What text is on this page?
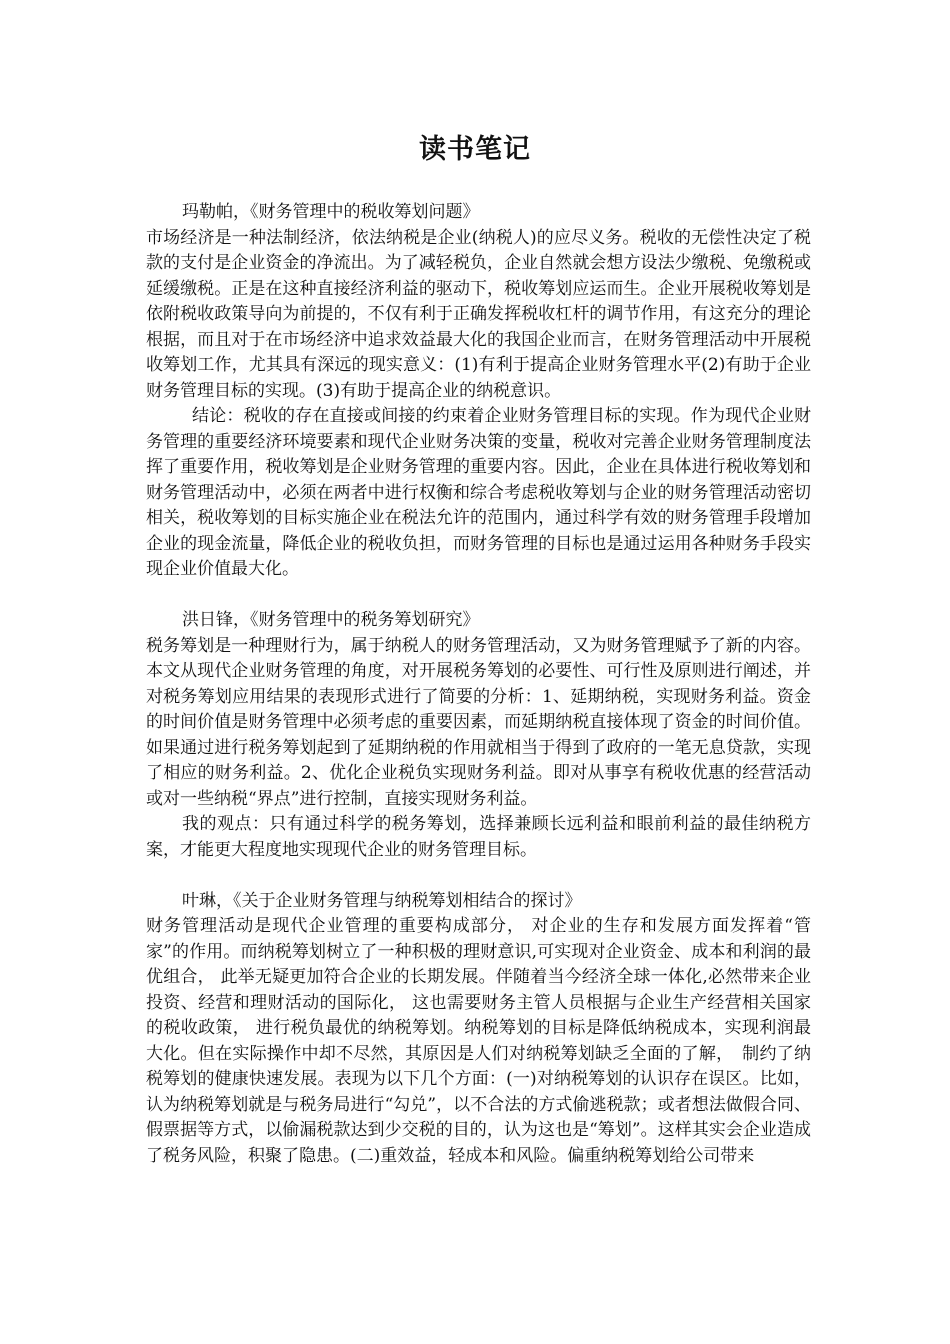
读书笔记

玛勒帕，《财务管理中的税收筹划问题》

市场经济是一种法制经济，依法纳税是企业(纳税人)的应尽义务。税收的无偿性决定了税款的支付是企业资金的净流出。为了减轻税负，企业自然就会想方设法少缴税、免缴税或延缓缴税。正是在这种直接经济利益的驱动下，税收筹划应运而生。企业开展税收筹划是依附税收政策导向为前提的，不仅有利于正确发挥税收杠杆的调节作用，有这充分的理论根据，而且对于在市场经济中追求效益最大化的我国企业而言，在财务管理活动中开展税收筹划工作，尤其具有深远的现实意义：(1)有利于提高企业财务管理水平(2)有助于企业财务管理目标的实现。(3)有助于提高企业的纳税意识。

结论：税收的存在直接或间接的约束着企业财务管理目标的实现。作为现代企业财务管理的重要经济环境要素和现代企业财务决策的变量，税收对完善企业财务管理制度法挥了重要作用，税收筹划是企业财务管理的重要内容。因此，企业在具体进行税收筹划和财务管理活动中，必须在两者中进行权衡和综合考虑税收筹划与企业的财务管理活动密切相关，税收筹划的目标实施企业在税法允许的范围内，通过科学有效的财务管理手段增加企业的现金流量，降低企业的税收负担，而财务管理的目标也是通过运用各种财务手段实现企业价值最大化。

洪日锋，《财务管理中的税务筹划研究》

税务筹划是一种理财行为，属于纳税人的财务管理活动，又为财务管理赋予了新的内容。本文从现代企业财务管理的角度，对开展税务筹划的必要性、可行性及原则进行阐述，并对税务筹划应用结果的表现形式进行了简要的分析：1、延期纳税，实现财务利益。资金的时间价值是财务管理中必须考虑的重要因素，而延期纳税直接体现了资金的时间价值。如果通过进行税务筹划起到了延期纳税的作用就相当于得到了政府的一笔无息贷款，实现了相应的财务利益。2、优化企业税负实现财务利益。即对从事享有税收优惠的经营活动或对一些纳税“界点”进行控制，直接实现财务利益。

我的观点：只有通过科学的税务筹划，选择兼顾长远利益和眼前利益的最佳纳税方案，才能更大程度地实现现代企业的财务管理目标。

叶琳，《关于企业财务管理与纳税筹划相结合的探讨》

财务管理活动是现代企业管理的重要构成部分， 对企业的生存和发展方面发挥着“管家”的作用。而纳税筹划树立了一种积极的理财意识,可实现对企业资金、成本和利润的最优组合， 此举无疑更加符合企业的长期发展。伴随着当今经济全球一体化,必然带来企业投资、经营和理财活动的国际化， 这也需要财务主管人员根据与企业生产经营相关国家的税收政策， 进行税负最优的纳税筹划。纳税筹划的目标是降低纳税成本，实现利润最大化。但在实际操作中却不尽然，其原因是人们对纳税筹划缺乏全面的了解，　制约了纳税筹划的健康快速发展。表现为以下几个方面：(一)对纳税筹划的认识存在误区。比如，认为纳税筹划就是与税务局进行“勾兑”，以不合法的方式偷逃税款；或者想法做假合同、假票据等方式，以偷漏税款达到少交税的目的，认为这也是“筹划”。这样其实会企业造成了税务风险，积聚了隐患。(二)重效益，轻成本和风险。偏重纳税筹划给公司带来
